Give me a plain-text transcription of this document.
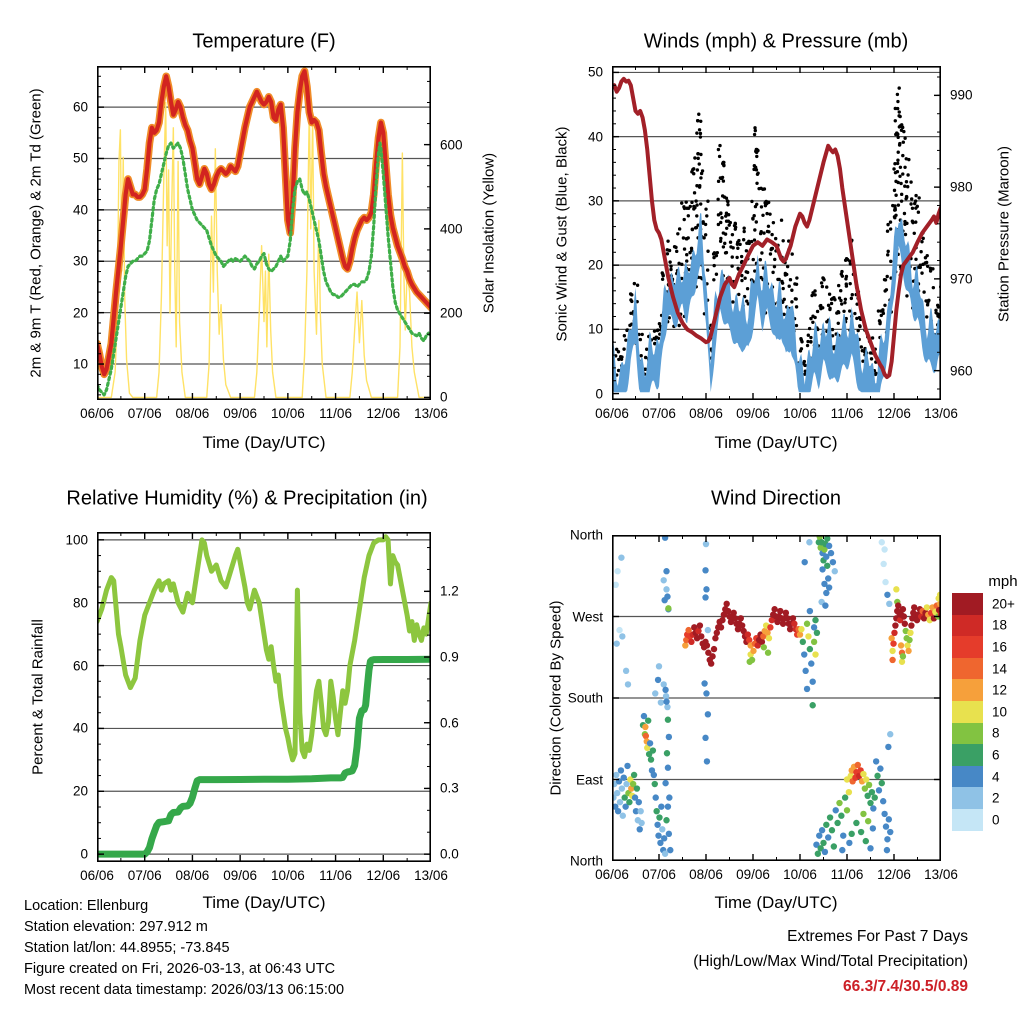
Temperature (F)	Winds (mph) & Pressure (mb)
Relative Humidity (%) & Precipitation (in)	Wind Direction
2m & 9m T (Red, Orange) & 2m Td (Green)	Solar Insolation (Yellow)	Sonic Wind & Gust (Blue, Black)	Station Pressure (Maroon)
Percent & Total Rainfall	Direction (Colored By Speed)
Time (Day/UTC)	Time (Day/UTC)
Time (Day/UTC)	Time (Day/UTC)
06/06 07/06 08/06 09/06 10/06 11/06 12/06 13/06
10
20
30
40
50
60
0
200
400
600
06/06 07/06 08/06 09/06 10/06 11/06 12/06 13/06
0
10
20
30
40
50
960
970
980
990
06/06 07/06 08/06 09/06 10/06 11/06 12/06 13/06
0
20
40
60
80
100
0.0
0.3
0.6
0.9
1.2
06/06 07/06 08/06 09/06 10/06 11/06 12/06 13/06
North
West
South
East
North
20+
18
16
14
12
10
8
6
4
2
0
mph
Location: Ellenburg
Station elevation: 297.912 m
Station lat/lon: 44.8955; -73.845
Figure created on Fri, 2026-03-13, at 06:43 UTC
Most recent data timestamp: 2026/03/13 06:15:00
Extremes For Past 7 Days
(High/Low/Max Wind/Total Precipitation)
66.3/7.4/30.5/0.89
